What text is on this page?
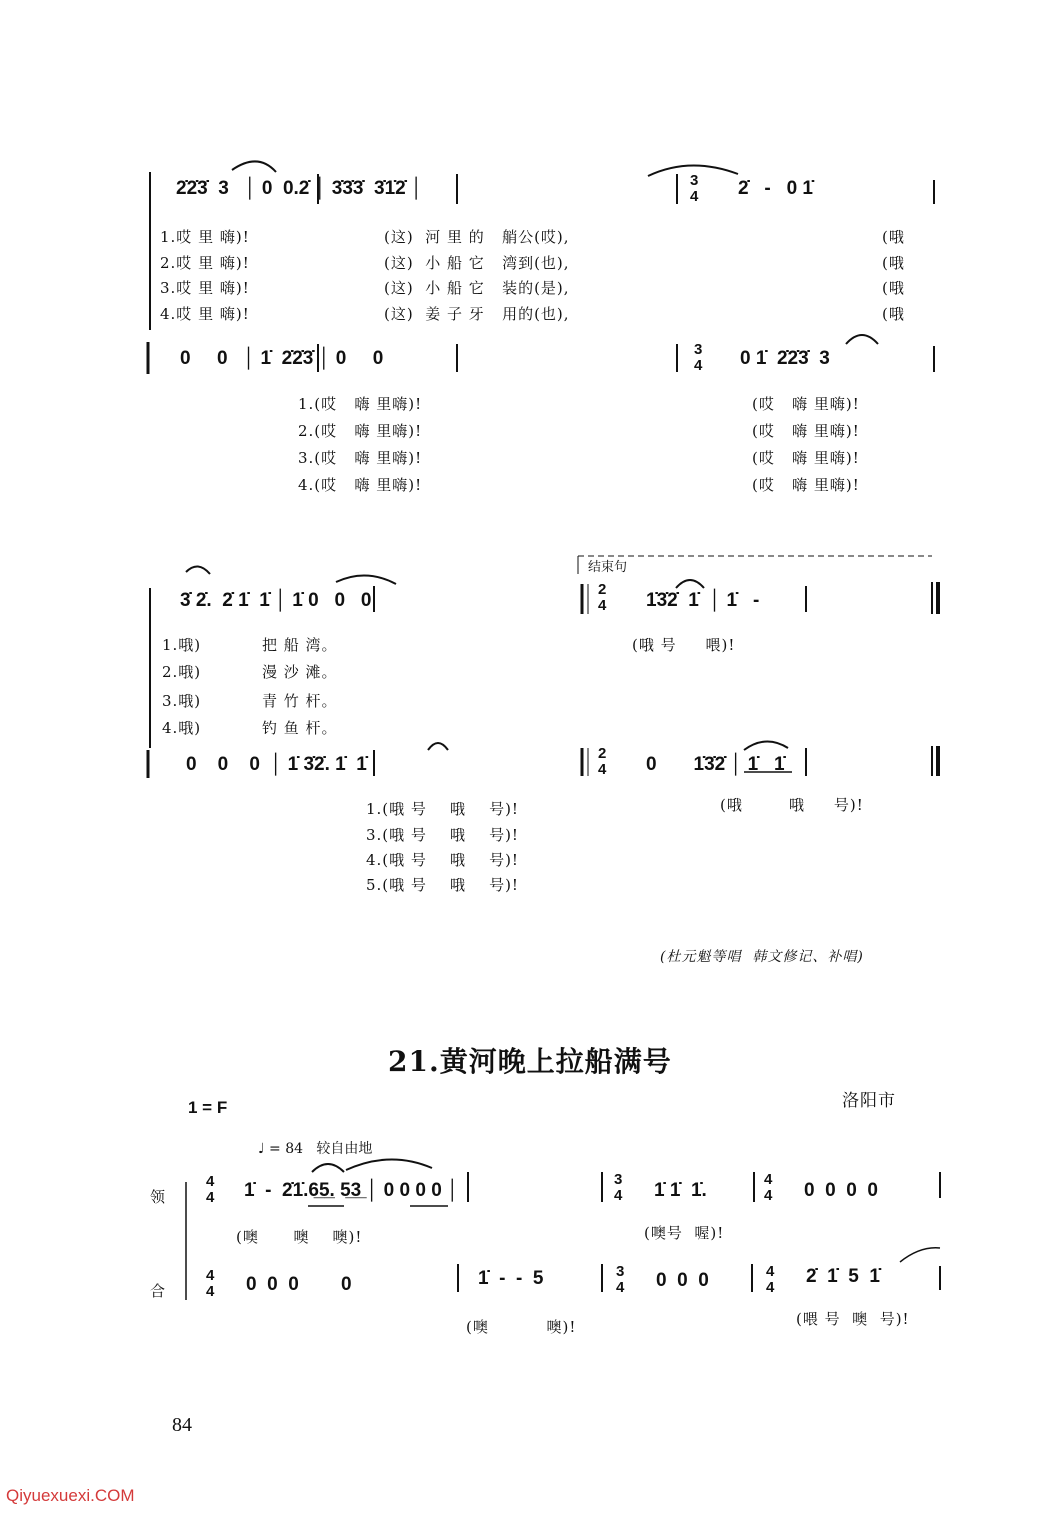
2̇2̇3̇  3   │ 0  0.2̇ │ 3̇3̇3̇  3̇1̇2̇ │	3
4 2̇   -   0 1̇
1.哎 里 嗨)!	(这)  河 里 的   艄公(哎),	(哦
2.哎 里 嗨)!	(这)  小 船 它   湾到(也),	(哦
3.哎 里 嗨)!	(这)  小 船 它   装的(是),	(哦
4.哎 里 嗨)!	(这)  姜 子 牙   用的(也),	(哦
0     0   │ 1̇  2̇2̇3̇ │ 0     0	3
4 0 1̇  2̇2̇3̇  3
1.(哎   嗨 里嗨)!	(哎   嗨 里嗨)!
2.(哎   嗨 里嗨)!	(哎   嗨 里嗨)!
3.(哎   嗨 里嗨)!	(哎   嗨 里嗨)!
4.(哎   嗨 里嗨)!	(哎   嗨 里嗨)!
结束句
3̇ 2̇.  2̇ 1̇  1̇ │ 1̇ 0   0   0
2
4 1̇3̇2̇  1̇  │ 1̇   -
1.哦)	把 船 湾。	(哦 号     喂)!
2.哦)	漫 沙 滩。
3.哦)	青 竹 杆。
4.哦)	钓 鱼 杆。
0    0    0  │ 1̇ 3̇2̇. 1̇  1̇
2
4 0       1̇3̇2̇ │ 1̇   1̇
1.(哦 号    哦    号)!	(哦        哦     号)!
3.(哦 号    哦    号)!
4.(哦 号    哦    号)!
5.(哦 号    哦    号)!
(杜元魁等唱  韩文修记、补唱)
21.黄河晚上拉船满号
洛阳市
1 = F
♩ = 84   较自由地
领
4
4 1̇  -  2̇1̇.6̲5̲. 5̲3̲ │ 0 0 0 0 │
3
4 1̇ 1̇  1̇.
4
4 0  0  0  0
(噢      噢    噢)!	(噢号  喔)!
合
4
4 0  0  0        0	1̇  -  -  5	3
4 0  0  0	4
4
2̇  1̇  5  1̇
(噢          噢)!	(喂 号  噢  号)!
84
Qiyuexuexi.COM
